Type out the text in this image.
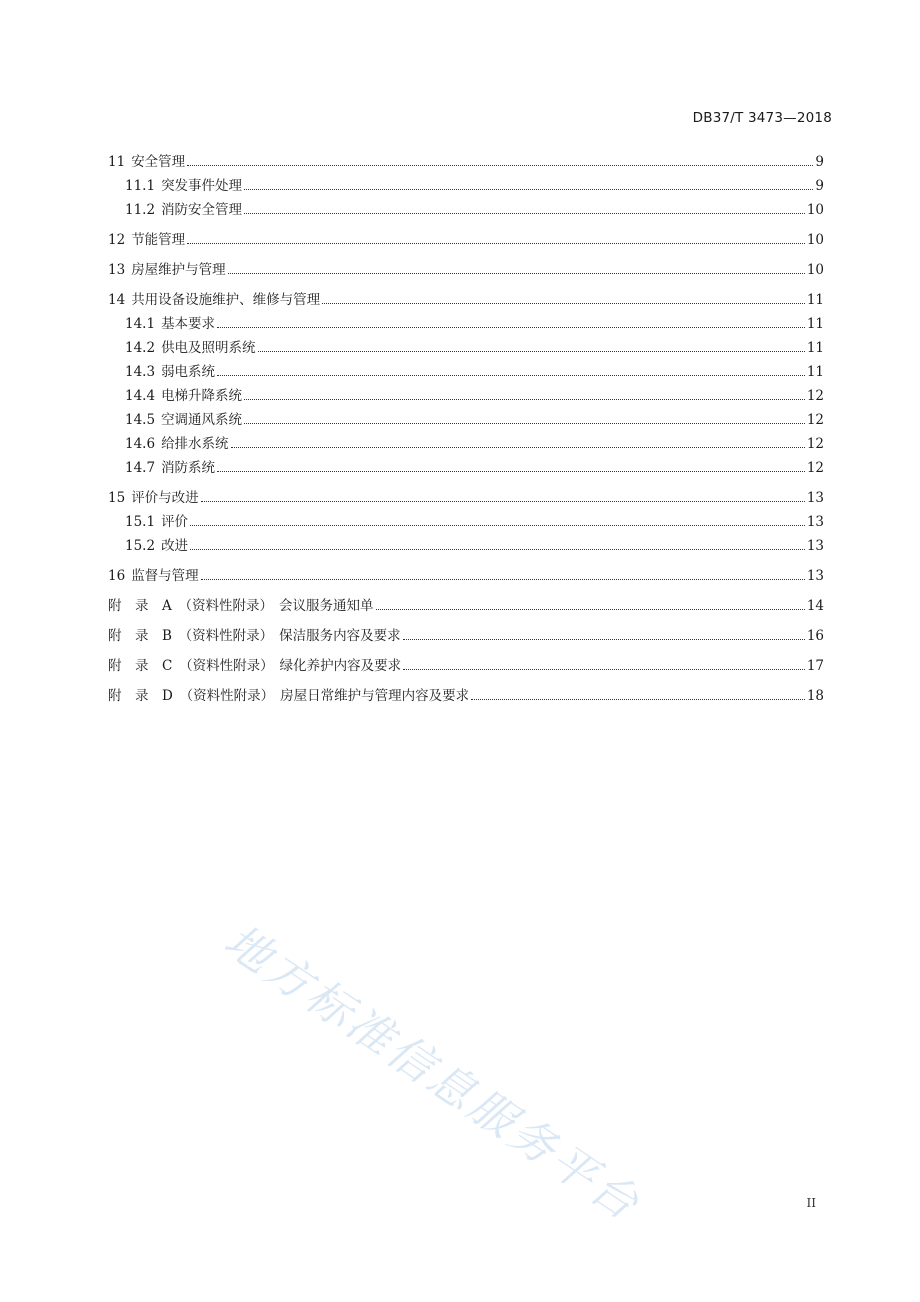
DB37/T 3473—2018
11 安全管理	9
11.1 突发事件处理	9
11.2 消防安全管理	10
12 节能管理	10
13 房屋维护与管理	10
14 共用设备设施维护、维修与管理	11
14.1 基本要求	11
14.2 供电及照明系统	11
14.3 弱电系统	11
14.4 电梯升降系统	12
14.5 空调通风系统	12
14.6 给排水系统	12
14.7 消防系统	12
15 评价与改进	13
15.1 评价	13
15.2 改进	13
16 监督与管理	13
附　录　A　（资料性附录） 会议服务通知单	14
附　录　B　（资料性附录） 保洁服务内容及要求	16
附　录　C　（资料性附录） 绿化养护内容及要求	17
附　录　D　（资料性附录） 房屋日常维护与管理内容及要求	18
II
地方标准信息服务平台
